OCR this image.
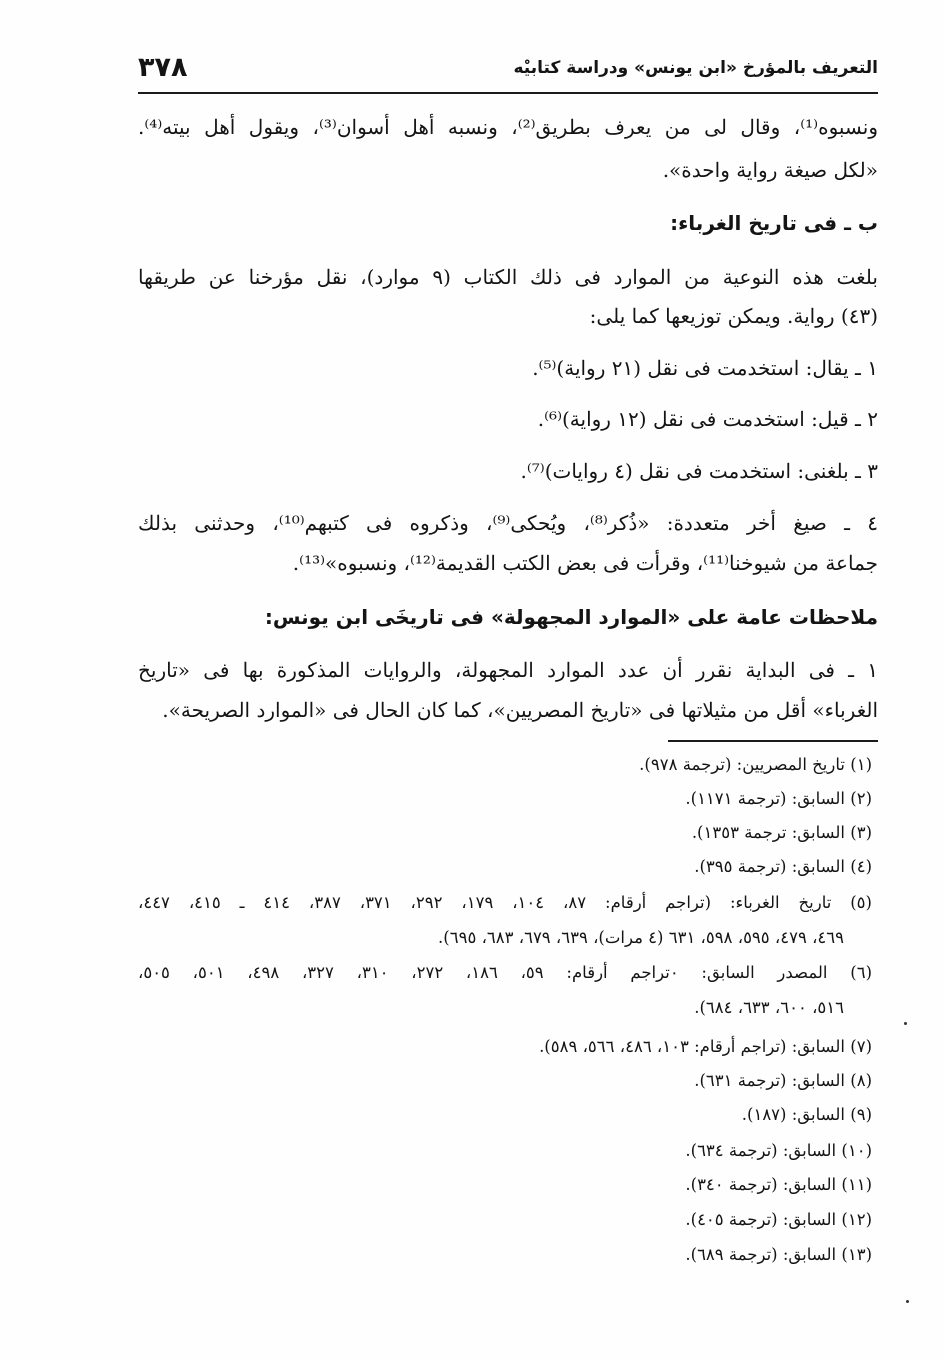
٣٧٨	التعريف بالمؤرخ «ابن يونس» ودراسة كتابيْه
ونسبوه⁽¹⁾، وقال لى من يعرف بطريق⁽²⁾، ونسبه أهل أسوان⁽³⁾، ويقول أهل بيته⁽⁴⁾.
«لكل صيغة رواية واحدة».
ب ـ فى تاريخ الغرباء:
بلغت هذه النوعية من الموارد فى ذلك الكتاب (٩ موارد)، نقل مؤرخنا عن طريقها
(٤٣) رواية. ويمكن توزيعها كما يلى:
١ ـ يقال: استخدمت فى نقل (٢١ رواية)⁽⁵⁾.
٢ ـ قيل: استخدمت فى نقل (١٢ رواية)⁽⁶⁾.
٣ ـ بلغنى: استخدمت فى نقل (٤ روايات)⁽⁷⁾.
٤ ـ صيغ أخر متعددة: «ذُكر⁽⁸⁾، ويُحكى⁽⁹⁾، وذكروه فى كتبهم⁽¹⁰⁾، وحدثنى بذلك
جماعة من شيوخنا⁽¹¹⁾، وقرأت فى بعض الكتب القديمة⁽¹²⁾، ونسبوه»⁽¹³⁾.
ملاحظات عامة على «الموارد المجهولة» فى تاريخَى ابن يونس:
١ ـ فى البداية نقرر أن عدد الموارد المجهولة، والروايات المذكورة بها فى «تاريخ
الغرباء» أقل من مثيلاتها فى «تاريخ المصريين»، كما كان الحال فى «الموارد الصريحة».
(١) تاريخ المصريين: (ترجمة ٩٧٨).
(٢) السابق: (ترجمة ١١٧١).
(٣) السابق: ترجمة ١٣٥٣).
(٤) السابق: (ترجمة ٣٩٥).
(٥) تاريخ الغرباء: (تراجم أرقام: ٨٧، ١٠٤، ١٧٩، ٢٩٢، ٣٧١، ٣٨٧، ٤١٤ ـ ٤١٥، ٤٤٧،
٤٦٩، ٤٧٩، ٥٩٥، ٥٩٨، ٦٣١ (٤ مرات)، ٦٣٩، ٦٧٩، ٦٨٣، ٦٩٥).
(٦) المصدر السابق: ٠تراجم أرقام: ٥٩، ١٨٦، ٢٧٢، ٣١٠، ٣٢٧، ٤٩٨، ٥٠١، ٥٠٥،
٥١٦، ٦٠٠، ٦٣٣، ٦٨٤).
(٧) السابق: (تراجم أرقام: ١٠٣، ٤٨٦، ٥٦٦، ٥٨٩).
(٨) السابق: (ترجمة ٦٣١).
(٩) السابق: (١٨٧).
(١٠) السابق: (ترجمة ٦٣٤).
(١١) السابق: (ترجمة ٣٤٠).
(١٢) السابق: (ترجمة ٤٠٥).
(١٣) السابق: (ترجمة ٦٨٩).
